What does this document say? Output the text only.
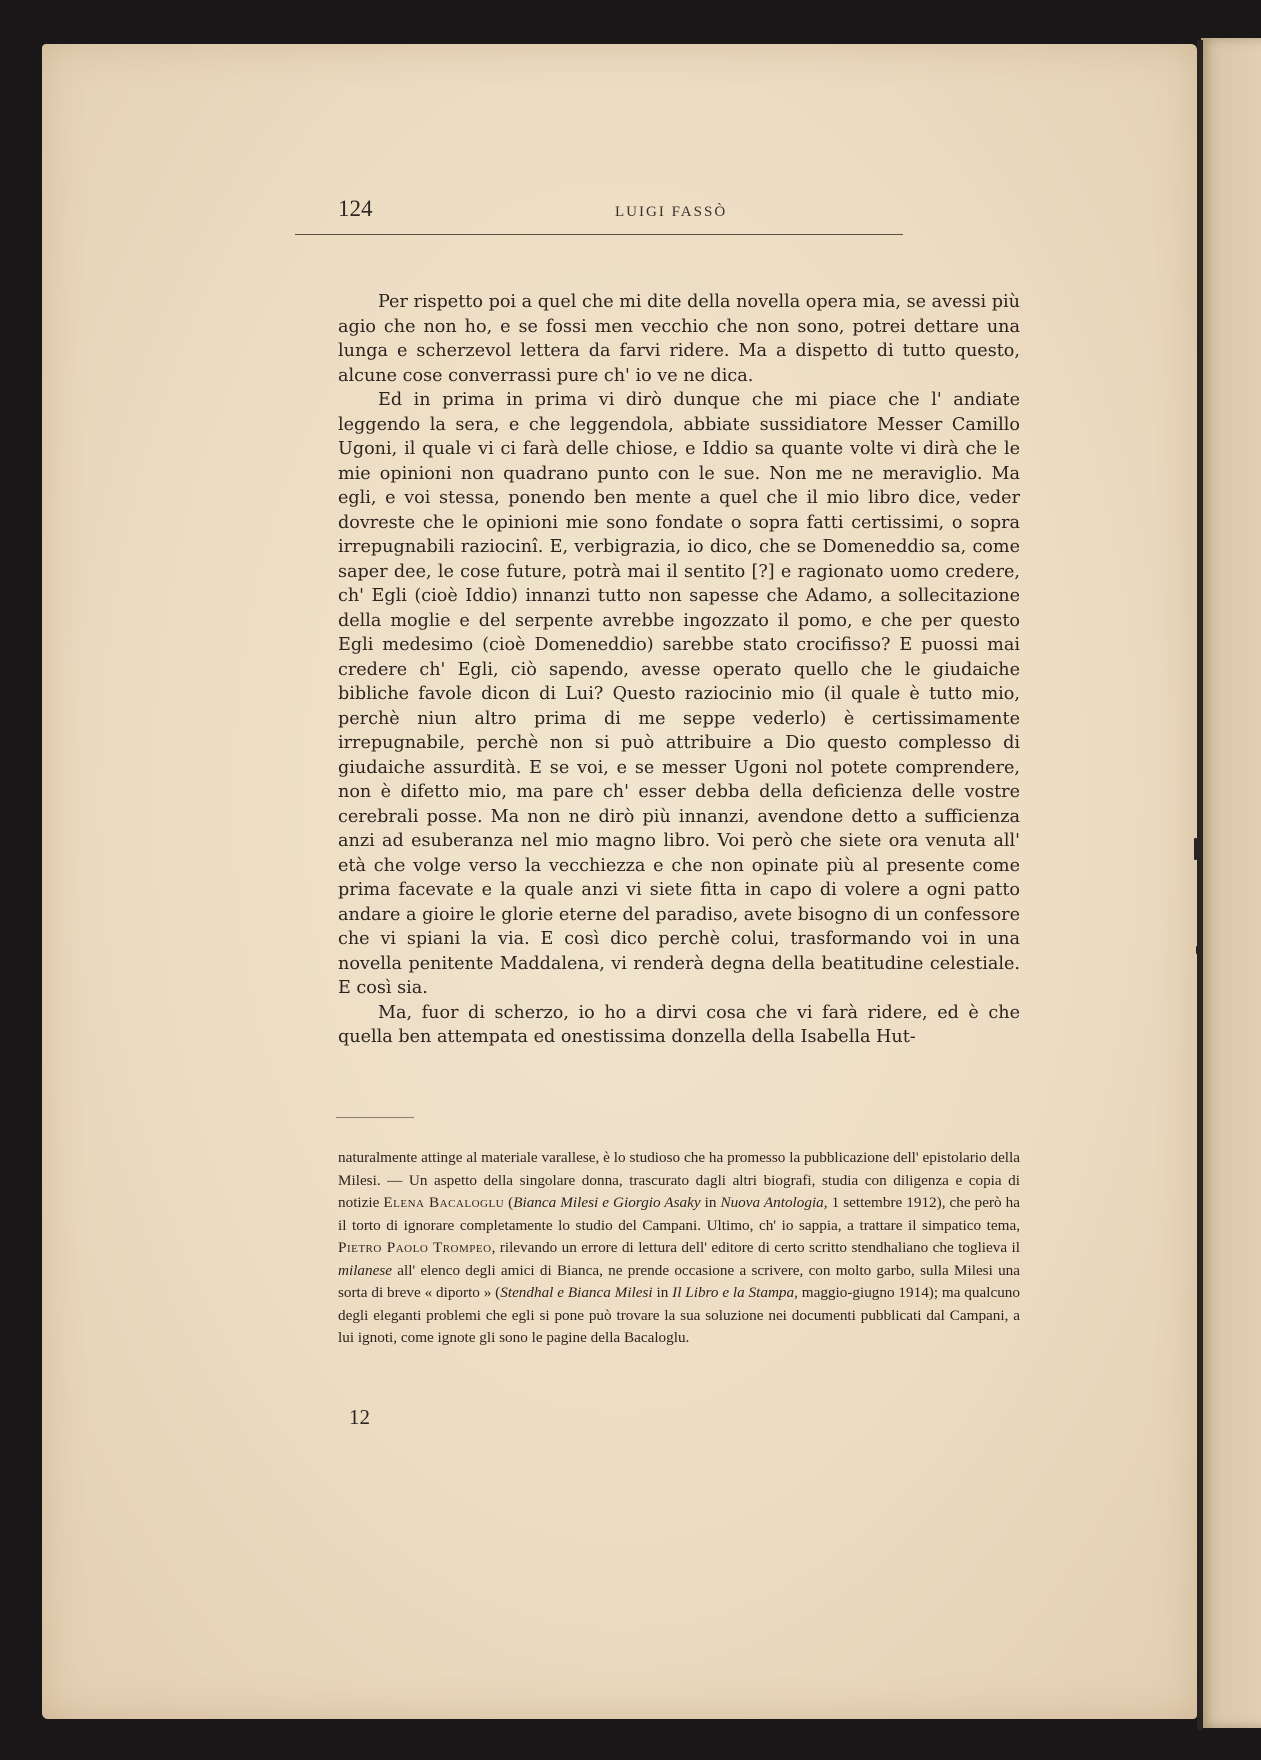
124	LUIGI FASSÒ

Per rispetto poi a quel che mi dite della novella opera mia, se avessi più agio che non ho, e se fossi men vecchio che non sono, potrei dettare una lunga e scherzevol lettera da farvi ridere. Ma a dispetto di tutto questo, alcune cose converrassi pure ch' io ve ne dica.

Ed in prima in prima vi dirò dunque che mi piace che l' andiate leggendo la sera, e che leggendola, abbiate sussidiatore Messer Camillo Ugoni, il quale vi ci farà delle chiose, e Iddio sa quante volte vi dirà che le mie opinioni non quadrano punto con le sue. Non me ne meraviglio. Ma egli, e voi stessa, ponendo ben mente a quel che il mio libro dice, veder dovreste che le opinioni mie sono fondate o sopra fatti certissimi, o sopra irrepugnabili raziocinî. E, verbigrazia, io dico, che se Domeneddio sa, come saper dee, le cose future, potrà mai il sentito [?] e ragionato uomo credere, ch' Egli (cioè Iddio) innanzi tutto non sapesse che Adamo, a sollecitazione della moglie e del serpente avrebbe ingozzato il pomo, e che per questo Egli medesimo (cioè Domeneddio) sarebbe stato crocifisso? E puossi mai credere ch' Egli, ciò sapendo, avesse operato quello che le giudaiche bibliche favole dicon di Lui? Questo raziocinio mio (il quale è tutto mio, perchè niun altro prima di me seppe vederlo) è certissimamente irrepugnabile, perchè non si può attribuire a Dio questo complesso di giudaiche assurdità. E se voi, e se messer Ugoni nol potete comprendere, non è difetto mio, ma pare ch' esser debba della deficienza delle vostre cerebrali posse. Ma non ne dirò più innanzi, avendone detto a sufficienza anzi ad esuberanza nel mio magno libro. Voi però che siete ora venuta all' età che volge verso la vecchiezza e che non opinate più al presente come prima facevate e la quale anzi vi siete fitta in capo di volere a ogni patto andare a gioire le glorie eterne del paradiso, avete bisogno di un confessore che vi spiani la via. E così dico perchè colui, trasformando voi in una novella penitente Maddalena, vi renderà degna della beatitudine celestiale. E così sia.

Ma, fuor di scherzo, io ho a dirvi cosa che vi farà ridere, ed è che quella ben attempata ed onestissima donzella della Isabella Hut-

naturalmente attinge al materiale varallese, è lo studioso che ha promesso la pubblicazione dell' epistolario della Milesi. — Un aspetto della singolare donna, trascurato dagli altri biografi, studia con diligenza e copia di notizie Elena Bacaloglu (Bianca Milesi e Giorgio Asaky in Nuova Antologia, 1 settembre 1912), che però ha il torto di ignorare completamente lo studio del Campani. Ultimo, ch' io sappia, a trattare il simpatico tema, Pietro Paolo Trompeo, rilevando un errore di lettura dell' editore di certo scritto stendhaliano che toglieva il milanese all' elenco degli amici di Bianca, ne prende occasione a scrivere, con molto garbo, sulla Milesi una sorta di breve « diporto » (Stendhal e Bianca Milesi in Il Libro e la Stampa, maggio-giugno 1914); ma qualcuno degli eleganti problemi che egli si pone può trovare la sua soluzione nei documenti pubblicati dal Campani, a lui ignoti, come ignote gli sono le pagine della Bacaloglu.

12
